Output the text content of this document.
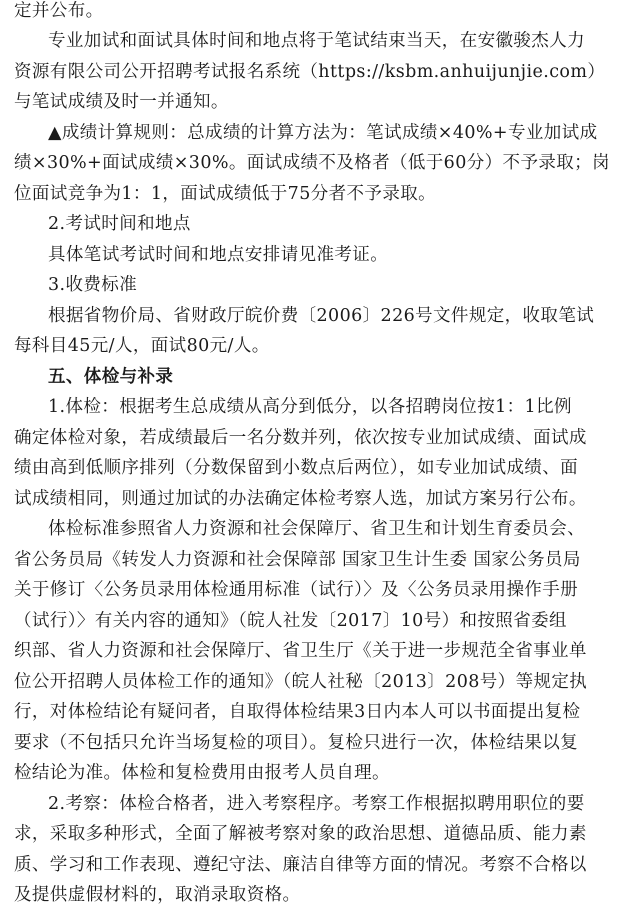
定并公布。
专业加试和面试具体时间和地点将于笔试结束当天，在安徽骏杰人力
资源有限公司公开招聘考试报名系统（https://ksbm.anhuijunjie.com）
与笔试成绩及时一并通知。
▲成绩计算规则：总成绩的计算方法为：笔试成绩×40%+专业加试成
绩×30%+面试成绩×30%。面试成绩不及格者（低于60分）不予录取；岗
位面试竞争为1：1，面试成绩低于75分者不予录取。
2.考试时间和地点
具体笔试考试时间和地点安排请见准考证。
3.收费标准
根据省物价局、省财政厅皖价费〔2006〕226号文件规定，收取笔试
每科目45元/人，面试80元/人。
五、体检与补录
1.体检：根据考生总成绩从高分到低分，以各招聘岗位按1：1比例
确定体检对象，若成绩最后一名分数并列，依次按专业加试成绩、面试成
绩由高到低顺序排列（分数保留到小数点后两位），如专业加试成绩、面
试成绩相同，则通过加试的办法确定体检考察人选，加试方案另行公布。
体检标准参照省人力资源和社会保障厅、省卫生和计划生育委员会、
省公务员局《转发人力资源和社会保障部 国家卫生计生委 国家公务员局
关于修订〈公务员录用体检通用标准（试行）〉及〈公务员录用操作手册
（试行）〉有关内容的通知》（皖人社发〔2017〕10号）和按照省委组
织部、省人力资源和社会保障厅、省卫生厅《关于进一步规范全省事业单
位公开招聘人员体检工作的通知》（皖人社秘〔2013〕208号）等规定执
行，对体检结论有疑问者，自取得体检结果3日内本人可以书面提出复检
要求（不包括只允许当场复检的项目）。复检只进行一次，体检结果以复
检结论为准。体检和复检费用由报考人员自理。
2.考察：体检合格者，进入考察程序。考察工作根据拟聘用职位的要
求，采取多种形式，全面了解被考察对象的政治思想、道德品质、能力素
质、学习和工作表现、遵纪守法、廉洁自律等方面的情况。考察不合格以
及提供虚假材料的，取消录取资格。
